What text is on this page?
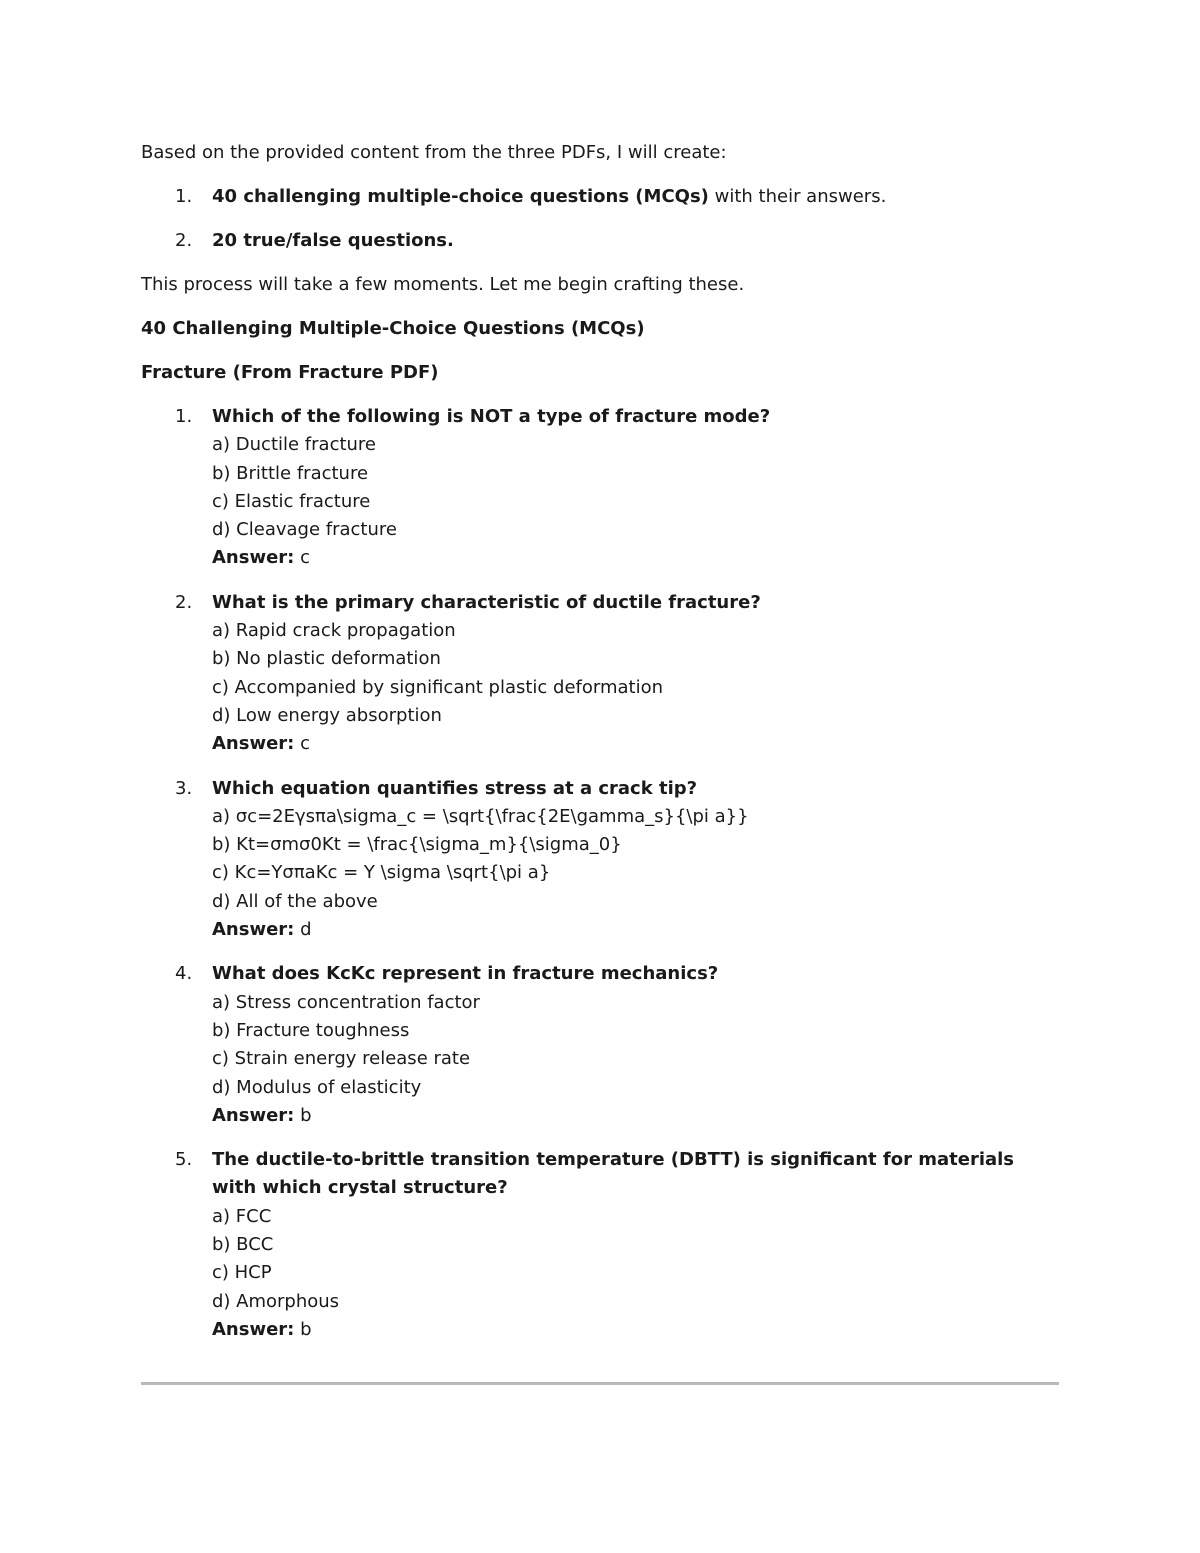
Based on the provided content from the three PDFs, I will create:

1. 40 challenging multiple-choice questions (MCQs) with their answers.
2. 20 true/false questions.

This process will take a few moments. Let me begin crafting these.

40 Challenging Multiple-Choice Questions (MCQs)

Fracture (From Fracture PDF)

1. Which of the following is NOT a type of fracture mode?
a) Ductile fracture
b) Brittle fracture
c) Elastic fracture
d) Cleavage fracture
Answer: c
2. What is the primary characteristic of ductile fracture?
a) Rapid crack propagation
b) No plastic deformation
c) Accompanied by significant plastic deformation
d) Low energy absorption
Answer: c
3. Which equation quantifies stress at a crack tip?
a) σc=2Eγsπa\sigma_c = \sqrt{\frac{2E\gamma_s}{\pi a}}
b) Kt=σmσ0Kt = \frac{\sigma_m}{\sigma_0}
c) Kc=YσπaKc = Y \sigma \sqrt{\pi a}
d) All of the above
Answer: d
4. What does KcKc represent in fracture mechanics?
a) Stress concentration factor
b) Fracture toughness
c) Strain energy release rate
d) Modulus of elasticity
Answer: b
5. The ductile-to-brittle transition temperature (DBTT) is significant for materials with which crystal structure?
a) FCC
b) BCC
c) HCP
d) Amorphous
Answer: b
